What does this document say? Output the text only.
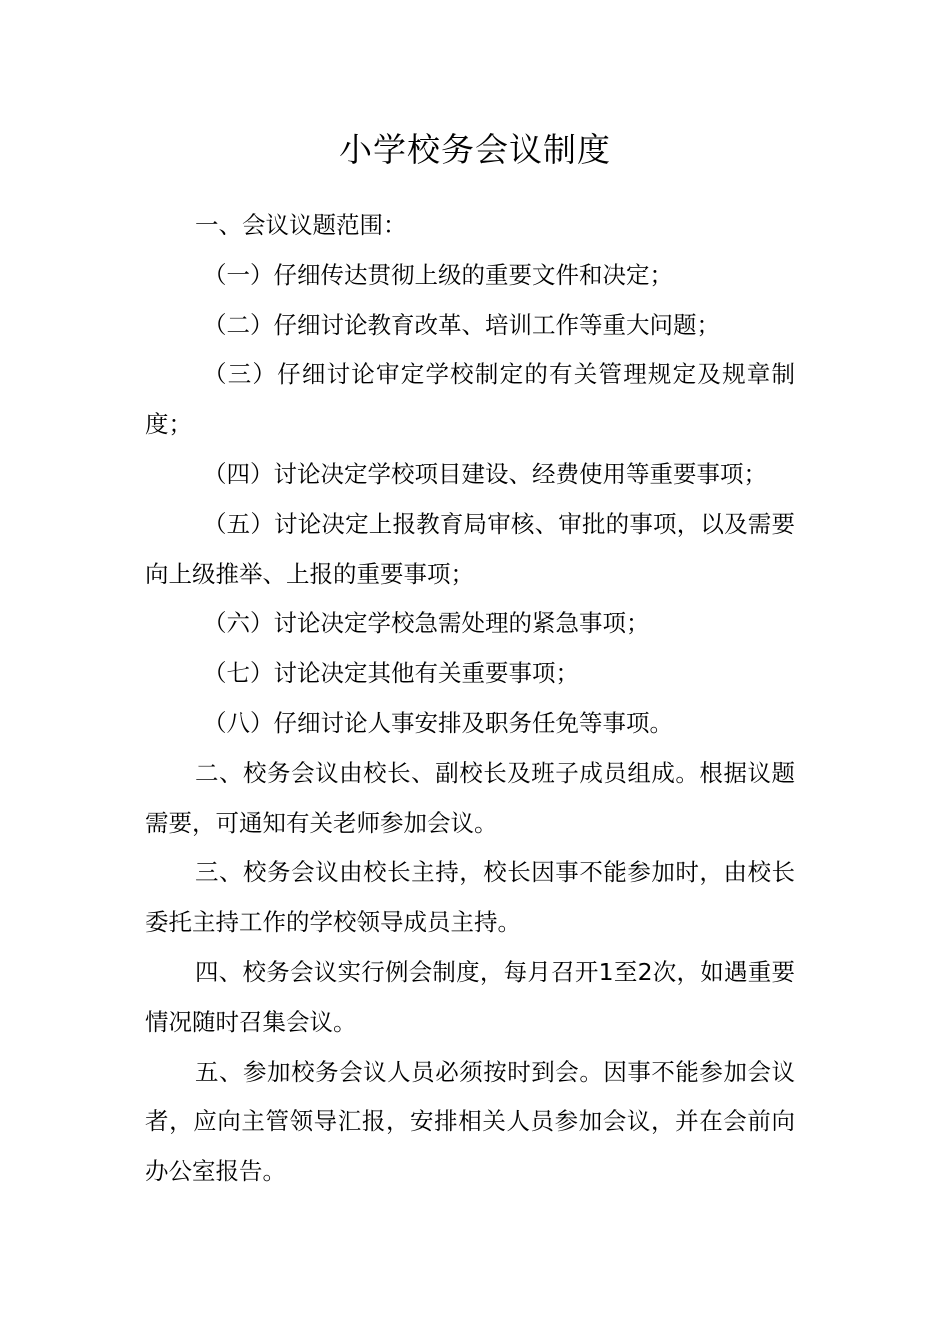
小学校务会议制度

一、会议议题范围：

（一）仔细传达贯彻上级的重要文件和决定；

（二）仔细讨论教育改革、培训工作等重大问题；

（三）仔细讨论审定学校制定的有关管理规定及规章制度；

（四）讨论决定学校项目建设、经费使用等重要事项；

（五）讨论决定上报教育局审核、审批的事项，以及需要向上级推举、上报的重要事项；

（六）讨论决定学校急需处理的紧急事项；

（七）讨论决定其他有关重要事项；

（八）仔细讨论人事安排及职务任免等事项。

二、校务会议由校长、副校长及班子成员组成。根据议题需要，可通知有关老师参加会议。

三、校务会议由校长主持，校长因事不能参加时，由校长委托主持工作的学校领导成员主持。

四、校务会议实行例会制度，每月召开1至2次，如遇重要情况随时召集会议。

五、参加校务会议人员必须按时到会。因事不能参加会议者，应向主管领导汇报，安排相关人员参加会议，并在会前向办公室报告。
